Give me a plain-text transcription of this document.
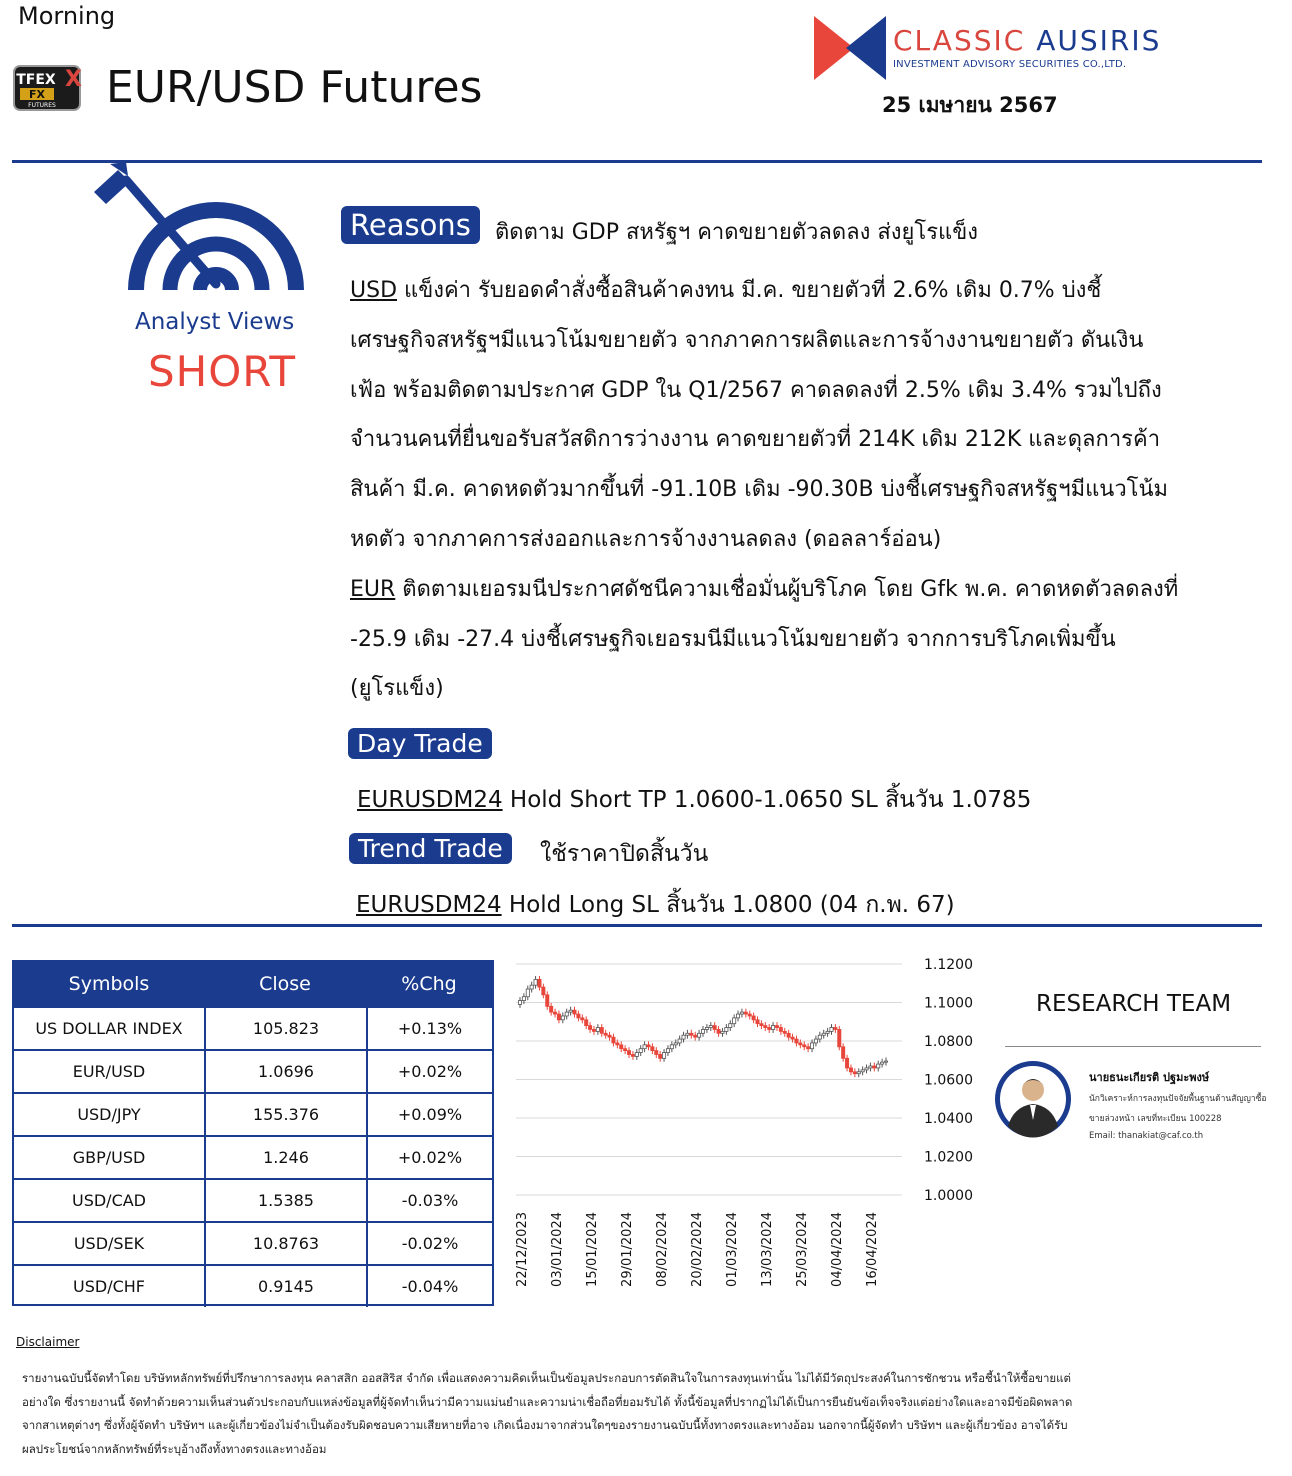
Morning
TFEX X
FX
FUTURES EUR/USD Futures
CLASSIC AUSIRIS
INVESTMENT ADVISORY SECURITIES CO.,LTD.
25 เมษายน 2567
Analyst Views
SHORT
Reasons	ติดตาม GDP สหรัฐฯ คาดขยายตัวลดลง ส่งยูโรแข็ง
USD แข็งค่า รับยอดคำสั่งซื้อสินค้าคงทน มี.ค. ขยายตัวที่ 2.6% เดิม 0.7% บ่งชี้
เศรษฐกิจสหรัฐฯมีแนวโน้มขยายตัว จากภาคการผลิตและการจ้างงานขยายตัว ดันเงิน
เฟ้อ พร้อมติดตามประกาศ GDP ใน Q1/2567 คาดลดลงที่ 2.5% เดิม 3.4% รวมไปถึง
จำนวนคนที่ยื่นขอรับสวัสดิการว่างงาน คาดขยายตัวที่ 214K เดิม 212K และดุลการค้า
สินค้า มี.ค. คาดหดตัวมากขึ้นที่ -91.10B เดิม -90.30B บ่งชี้เศรษฐกิจสหรัฐฯมีแนวโน้ม
หดตัว จากภาคการส่งออกและการจ้างงานลดลง (ดอลลาร์อ่อน)
EUR ติดตามเยอรมนีประกาศดัชนีความเชื่อมั่นผู้บริโภค โดย Gfk พ.ค. คาดหดตัวลดลงที่
-25.9 เดิม -27.4 บ่งชี้เศรษฐกิจเยอรมนีมีแนวโน้มขยายตัว จากการบริโภคเพิ่มขึ้น
(ยูโรแข็ง)
Day Trade
EURUSDM24 Hold Short TP 1.0600-1.0650 SL สิ้นวัน 1.0785
Trend Trade	ใช้ราคาปิดสิ้นวัน
EURUSDM24 Hold Long SL สิ้นวัน 1.0800 (04 ก.พ. 67)
Symbols	Close	%Chg
US DOLLAR INDEX	105.823	+0.13%
EUR/USD	1.0696	+0.02%
USD/JPY	155.376	+0.09%
GBP/USD	1.246	+0.02%
USD/CAD	1.5385	-0.03%
USD/SEK	10.8763	-0.02%
USD/CHF	0.9145	-0.04%
1.1200
1.1000
1.0800
1.0600
1.0400
1.0200
1.0000
22/12/2023 03/01/2024 15/01/2024 29/01/2024 08/02/2024 20/02/2024 01/03/2024 13/03/2024 25/03/2024 04/04/2024 16/04/2024
RESEARCH TEAM
นายธนะเกียรติ ปฐมะพงษ์
นักวิเคราะห์การลงทุนปัจจัยพื้นฐานด้านสัญญาซื้อ
ขายล่วงหน้า เลขที่ทะเบียน 100228
Email: thanakiat@caf.co.th
Disclaimer
รายงานฉบับนี้จัดทำโดย บริษัทหลักทรัพย์ที่ปรึกษาการลงทุน คลาสสิก ออสสิริส จำกัด เพื่อแสดงความคิดเห็นเป็นข้อมูลประกอบการตัดสินใจในการลงทุนเท่านั้น ไม่ได้มีวัตถุประสงค์ในการชักชวน หรือชี้นำให้ซื้อขายแต่
อย่างใด ซึ่งรายงานนี้ จัดทำด้วยความเห็นส่วนตัวประกอบกับแหล่งข้อมูลที่ผู้จัดทำเห็นว่ามีความแม่นยำและความน่าเชื่อถือที่ยอมรับได้ ทั้งนี้ข้อมูลที่ปรากฏไม่ได้เป็นการยืนยันข้อเท็จจริงแต่อย่างใดและอาจมีข้อผิดพลาด
จากสาเหตุต่างๆ ซึ่งทั้งผู้จัดทำ บริษัทฯ และผู้เกี่ยวข้องไม่จำเป็นต้องรับผิดชอบความเสียหายที่อาจ เกิดเนื่องมาจากส่วนใดๆของรายงานฉบับนี้ทั้งทางตรงและทางอ้อม นอกจากนี้ผู้จัดทำ บริษัทฯ และผู้เกี่ยวข้อง อาจได้รับ
ผลประโยชน์จากหลักทรัพย์ที่ระบุอ้างถึงทั้งทางตรงและทางอ้อม
